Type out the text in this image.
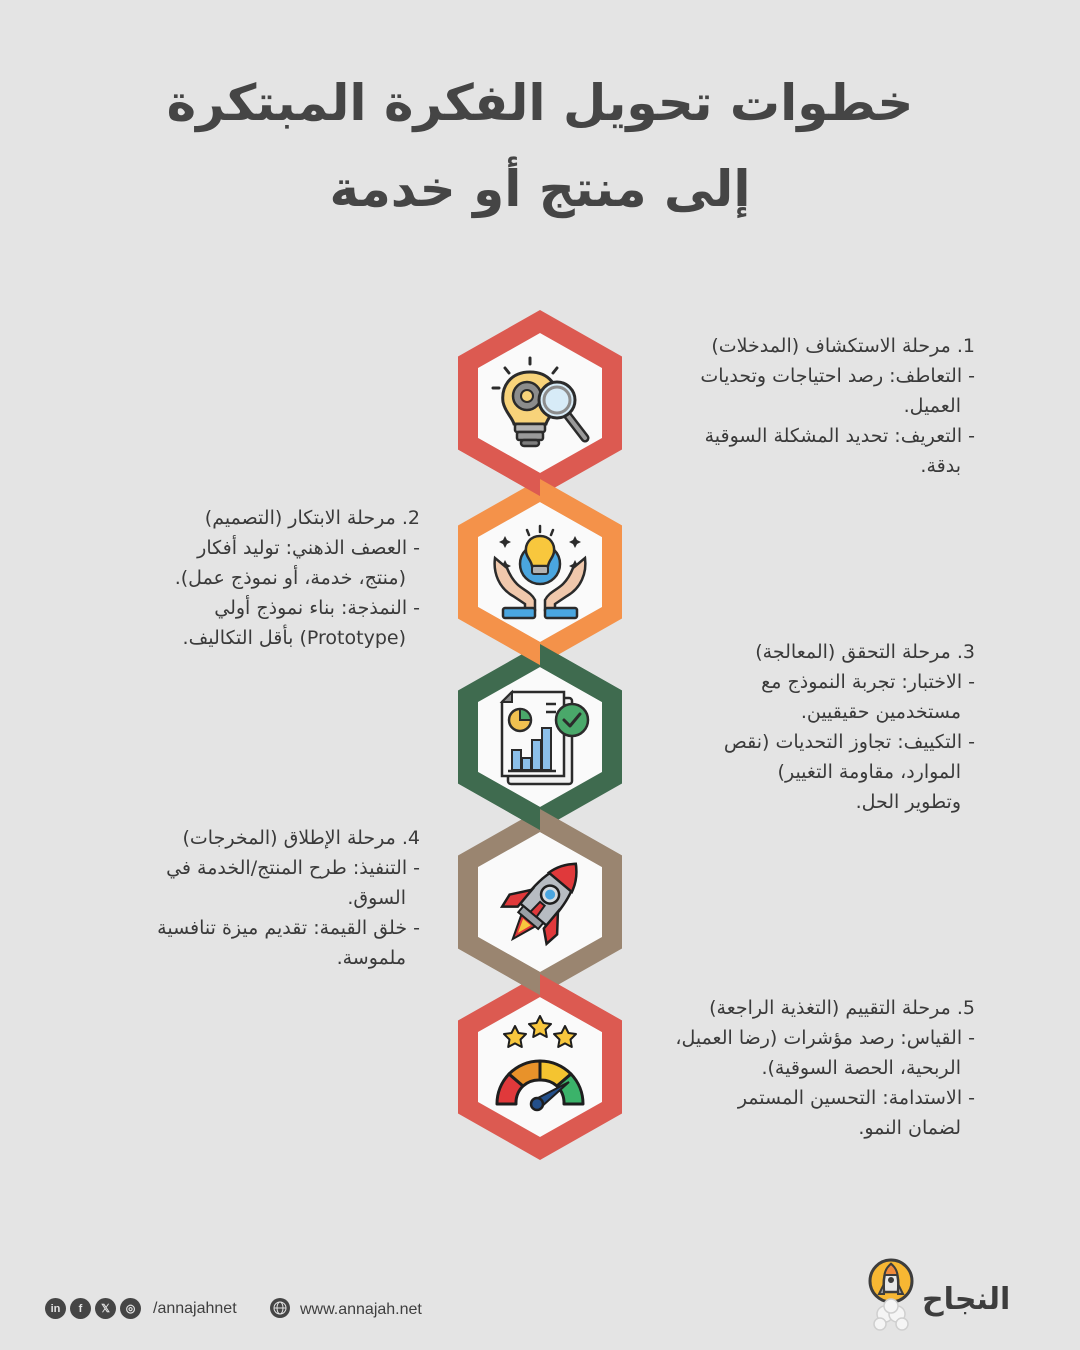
خطوات تحويل الفكرة المبتكرة
إلى منتج أو خدمة
1. مرحلة الاستكشاف (المدخلات)
- التعاطف: رصد احتياجات وتحديات
العميل.
- التعريف: تحديد المشكلة السوقية
بدقة.
2. مرحلة الابتكار (التصميم)
- العصف الذهني: توليد أفكار
(منتج، خدمة، أو نموذج عمل).
- النمذجة: بناء نموذج أولي
(Prototype) بأقل التكاليف.
3. مرحلة التحقق (المعالجة)
- الاختبار: تجربة النموذج مع
مستخدمين حقيقيين.
- التكييف: تجاوز التحديات (نقص
الموارد، مقاومة التغيير)
وتطوير الحل.
4. مرحلة الإطلاق (المخرجات)
- التنفيذ: طرح المنتج/الخدمة في
السوق.
- خلق القيمة: تقديم ميزة تنافسية
ملموسة.
5. مرحلة التقييم (التغذية الراجعة)
- القياس: رصد مؤشرات (رضا العميل،
الربحية، الحصة السوقية).
- الاستدامة: التحسين المستمر
لضمان النمو.
in	f	𝕏	◎	/annajahnet	www.annajah.net	النجاح
